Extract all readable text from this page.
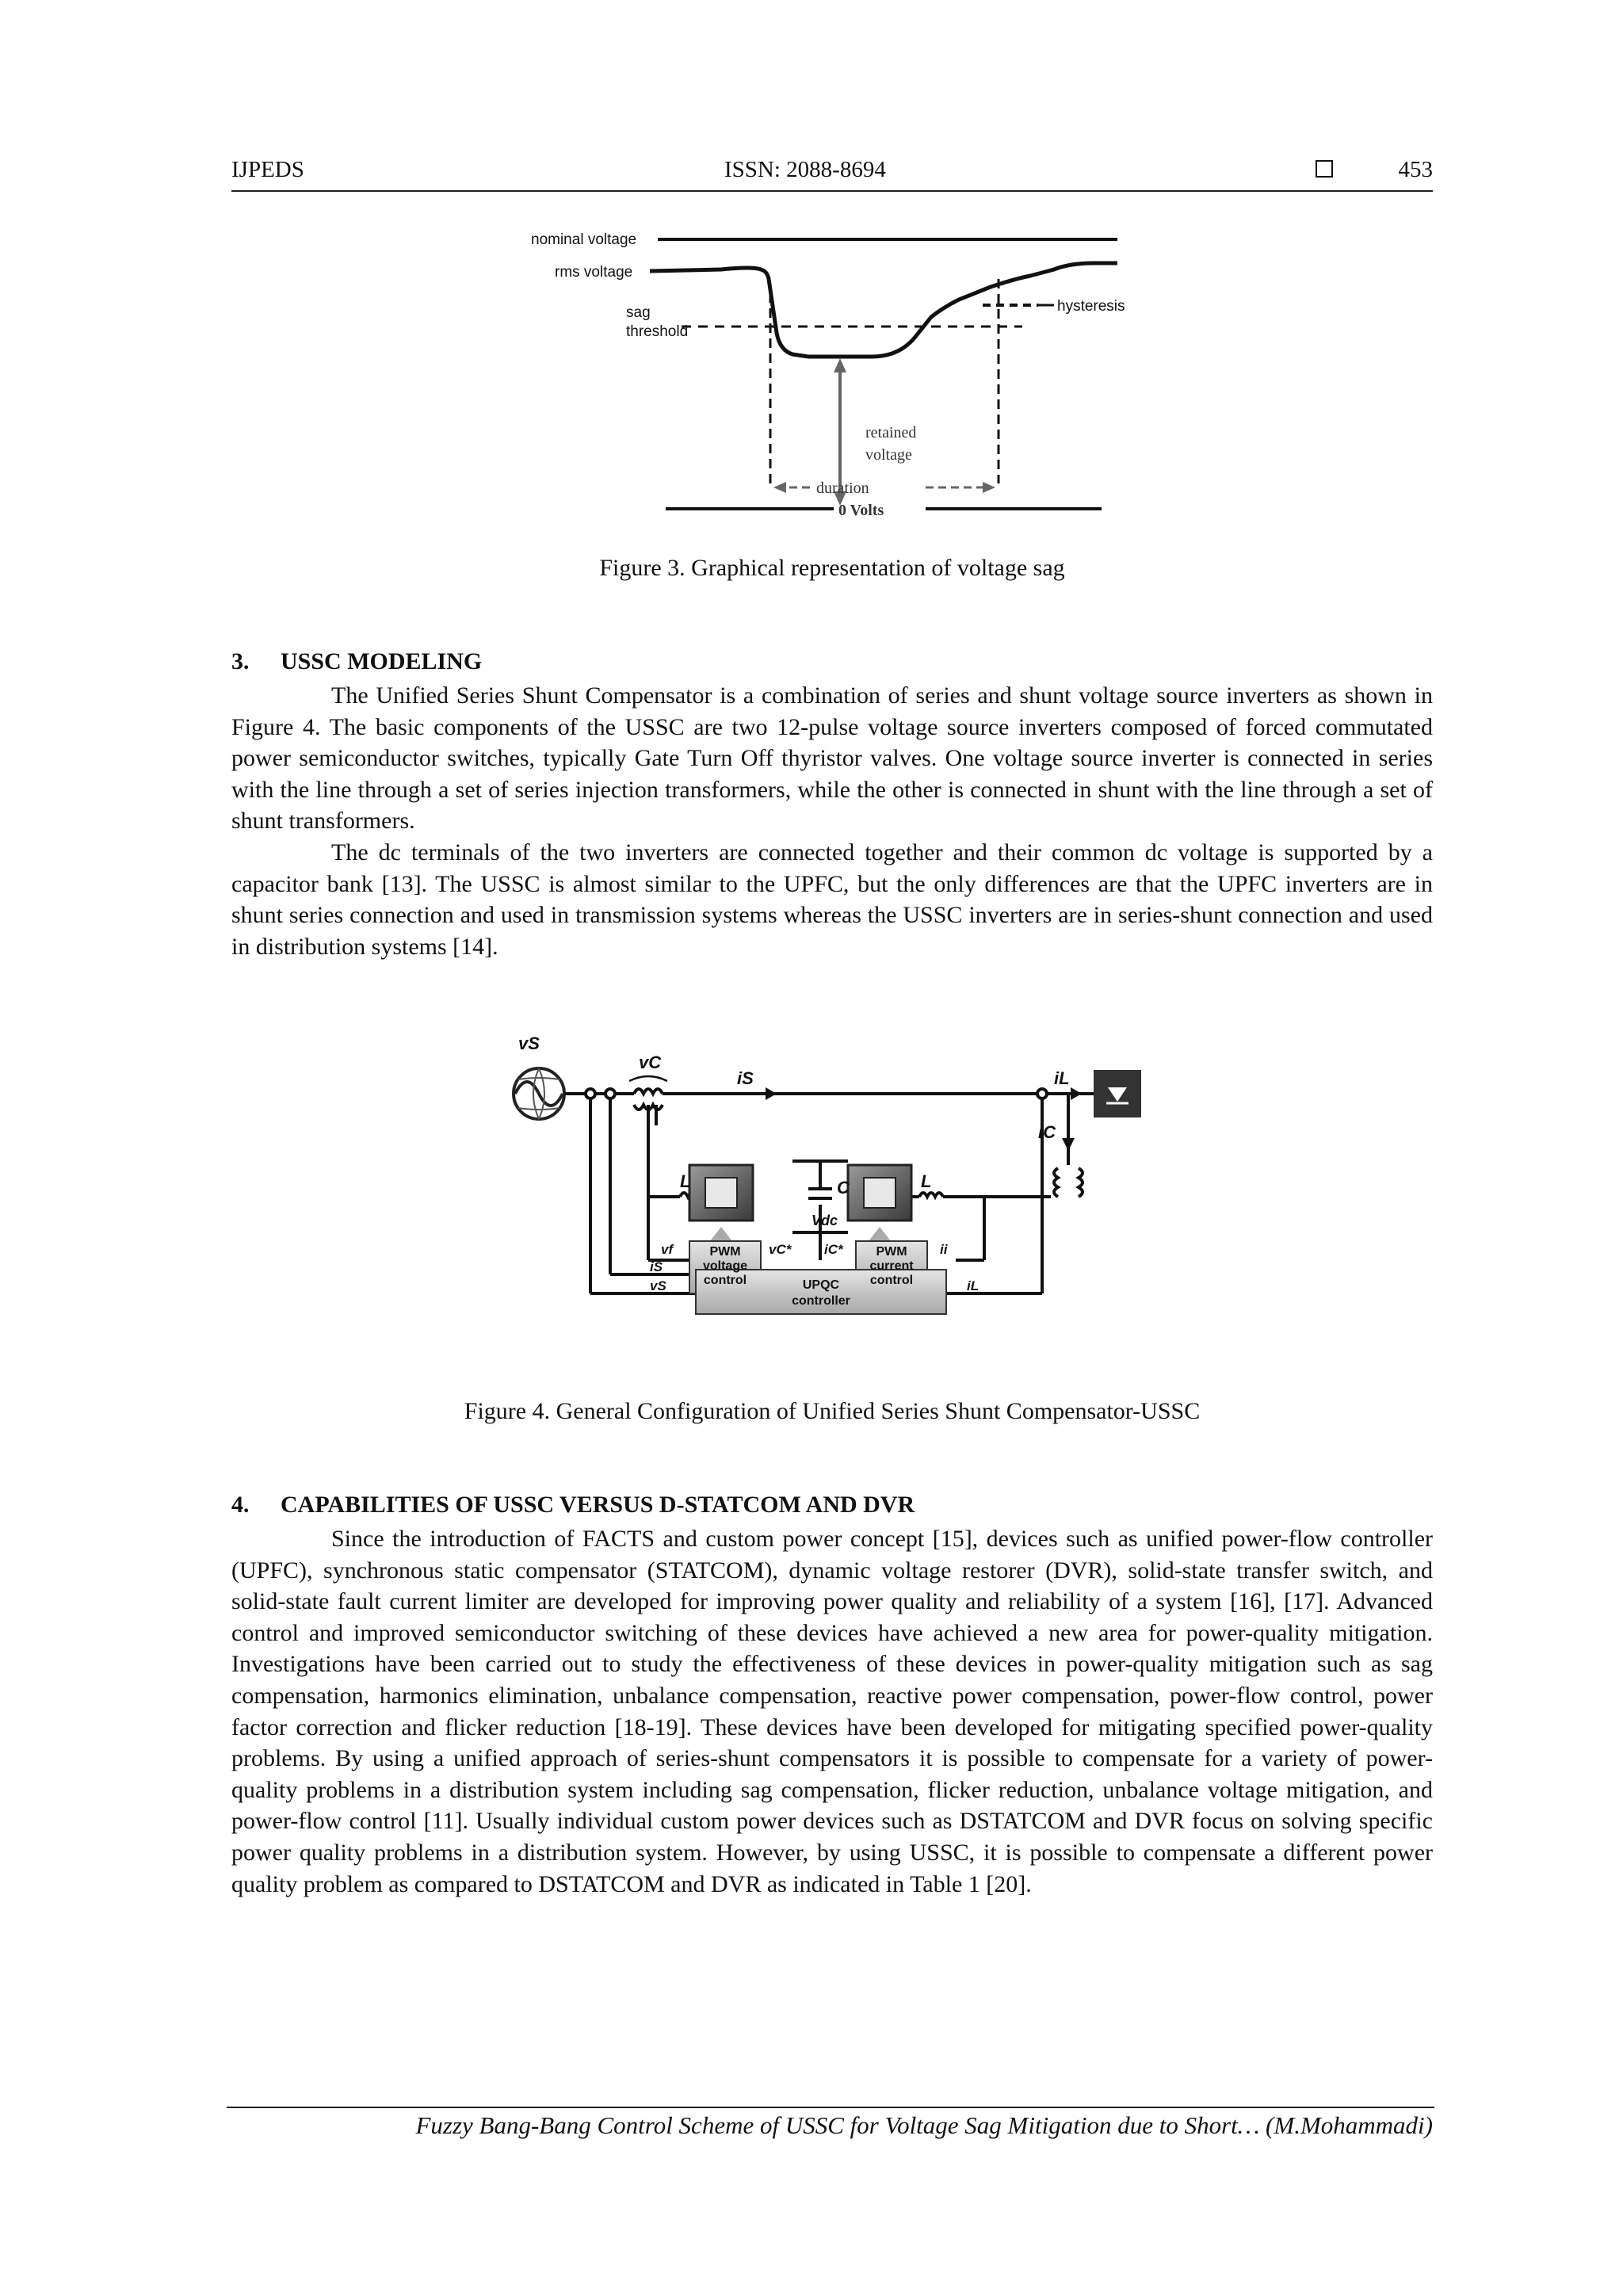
IJPEDS	ISSN: 2088-8694	453
nominal voltage
rms voltage
sag
threshold
hysteresis
retained
voltage
duration
0 Volts
Figure 3. Graphical representation of voltage sag
3. USSC MODELING

The Unified Series Shunt Compensator is a combination of series and shunt voltage source inverters as shown in Figure 4. The basic components of the USSC are two 12-pulse voltage source inverters composed of forced commutated power semiconductor switches, typically Gate Turn Off thyristor valves. One voltage source inverter is connected in series with the line through a set of series injection transformers, while the other is connected in shunt with the line through a set of shunt transformers.

The dc terminals of the two inverters are connected together and their common dc voltage is supported by a capacitor bank [13]. The USSC is almost similar to the UPFC, but the only differences are that the UPFC inverters are in shunt series connection and used in transmission systems whereas the USSC inverters are in series-shunt connection and used in distribution systems [14].

vS
vC
iS	iL
iC
L	L
C
Vdc
vf	vC* iC*	ii
iS
vS	iL
PWM
voltage
control
PWM
current
control
UPQC
controller
Figure 4. General Configuration of Unified Series Shunt Compensator-USSC
4. CAPABILITIES OF USSC VERSUS D-STATCOM AND DVR

Since the introduction of FACTS and custom power concept [15], devices such as unified power-flow controller (UPFC), synchronous static compensator (STATCOM), dynamic voltage restorer (DVR), solid-state transfer switch, and solid-state fault current limiter are developed for improving power quality and reliability of a system [16], [17]. Advanced control and improved semiconductor switching of these devices have achieved a new area for power-quality mitigation. Investigations have been carried out to study the effectiveness of these devices in power-quality mitigation such as sag compensation, harmonics elimination, unbalance compensation, reactive power compensation, power-flow control, power factor correction and flicker reduction [18-19]. These devices have been developed for mitigating specified power-quality problems. By using a unified approach of series-shunt compensators it is possible to compensate for a variety of power-quality problems in a distribution system including sag compensation, flicker reduction, unbalance voltage mitigation, and power-flow control [11]. Usually individual custom power devices such as DSTATCOM and DVR focus on solving specific power quality problems in a distribution system. However, by using USSC, it is possible to compensate a different power quality problem as compared to DSTATCOM and DVR as indicated in Table 1 [20].

Fuzzy Bang-Bang Control Scheme of USSC for Voltage Sag Mitigation due to Short… (M.Mohammadi)
